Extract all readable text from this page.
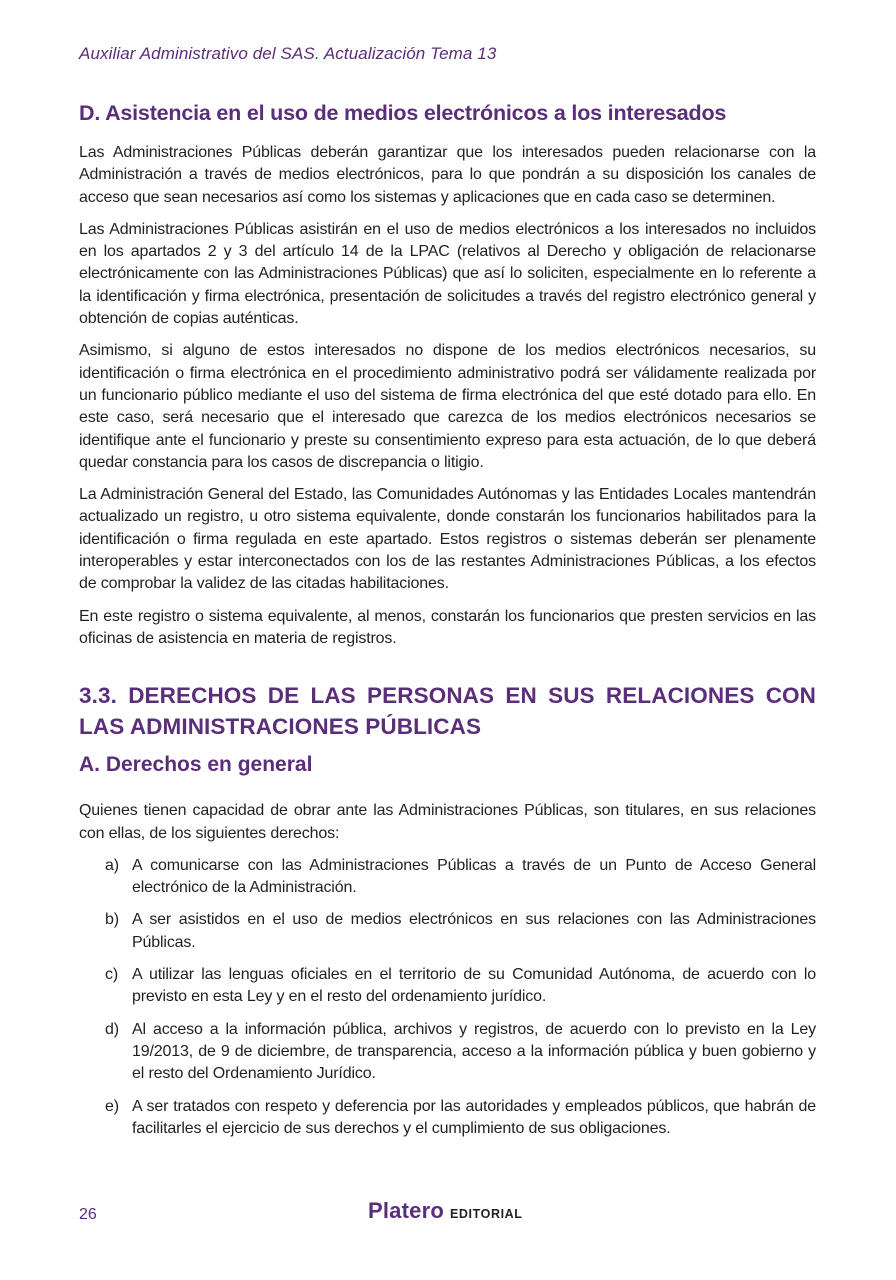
Auxiliar Administrativo del SAS. Actualización Tema 13
D. Asistencia en el uso de medios electrónicos a los interesados

Las Administraciones Públicas deberán garantizar que los interesados pueden relacionarse con la Administración a través de medios electrónicos, para lo que pondrán a su disposición los canales de acceso que sean necesarios así como los sistemas y aplicaciones que en cada caso se determinen.

Las Administraciones Públicas asistirán en el uso de medios electrónicos a los interesados no incluidos en los apartados 2 y 3 del artículo 14 de la LPAC (relativos al Derecho y obligación de relacionarse electrónicamente con las Administraciones Públicas) que así lo soliciten, especialmente en lo referente a la identificación y firma electrónica, presentación de solicitudes a través del registro electrónico general y obtención de copias auténticas.

Asimismo, si alguno de estos interesados no dispone de los medios electrónicos necesarios, su identificación o firma electrónica en el procedimiento administrativo podrá ser válidamente realizada por un funcionario público mediante el uso del sistema de firma electrónica del que esté dotado para ello. En este caso, será necesario que el interesado que carezca de los medios electrónicos necesarios se identifique ante el funcionario y preste su consentimiento expreso para esta actuación, de lo que deberá quedar constancia para los casos de discrepancia o litigio.

La Administración General del Estado, las Comunidades Autónomas y las Entidades Locales mantendrán actualizado un registro, u otro sistema equivalente, donde constarán los funcionarios habilitados para la identificación o firma regulada en este apartado. Estos registros o sistemas deberán ser plenamente interoperables y estar interconectados con los de las restantes Administraciones Públicas, a los efectos de comprobar la validez de las citadas habilitaciones.

En este registro o sistema equivalente, al menos, constarán los funcionarios que presten servicios en las oficinas de asistencia en materia de registros.

3.3. DERECHOS DE LAS PERSONAS EN SUS RELACIONES CON LAS ADMINISTRACIONES PÚBLICAS
A. Derechos en general

Quienes tienen capacidad de obrar ante las Administraciones Públicas, son titulares, en sus relaciones con ellas, de los siguientes derechos:

a) A comunicarse con las Administraciones Públicas a través de un Punto de Acceso General electrónico de la Administración.
b) A ser asistidos en el uso de medios electrónicos en sus relaciones con las Administraciones Públicas.
c) A utilizar las lenguas oficiales en el territorio de su Comunidad Autónoma, de acuerdo con lo previsto en esta Ley y en el resto del ordenamiento jurídico.
d) Al acceso a la información pública, archivos y registros, de acuerdo con lo previsto en la Ley 19/2013, de 9 de diciembre, de transparencia, acceso a la información pública y buen gobierno y el resto del Ordenamiento Jurídico.
e) A ser tratados con respeto y deferencia por las autoridades y empleados públicos, que habrán de facilitarles el ejercicio de sus derechos y el cumplimiento de sus obligaciones.
26	Platero EDITORIAL
